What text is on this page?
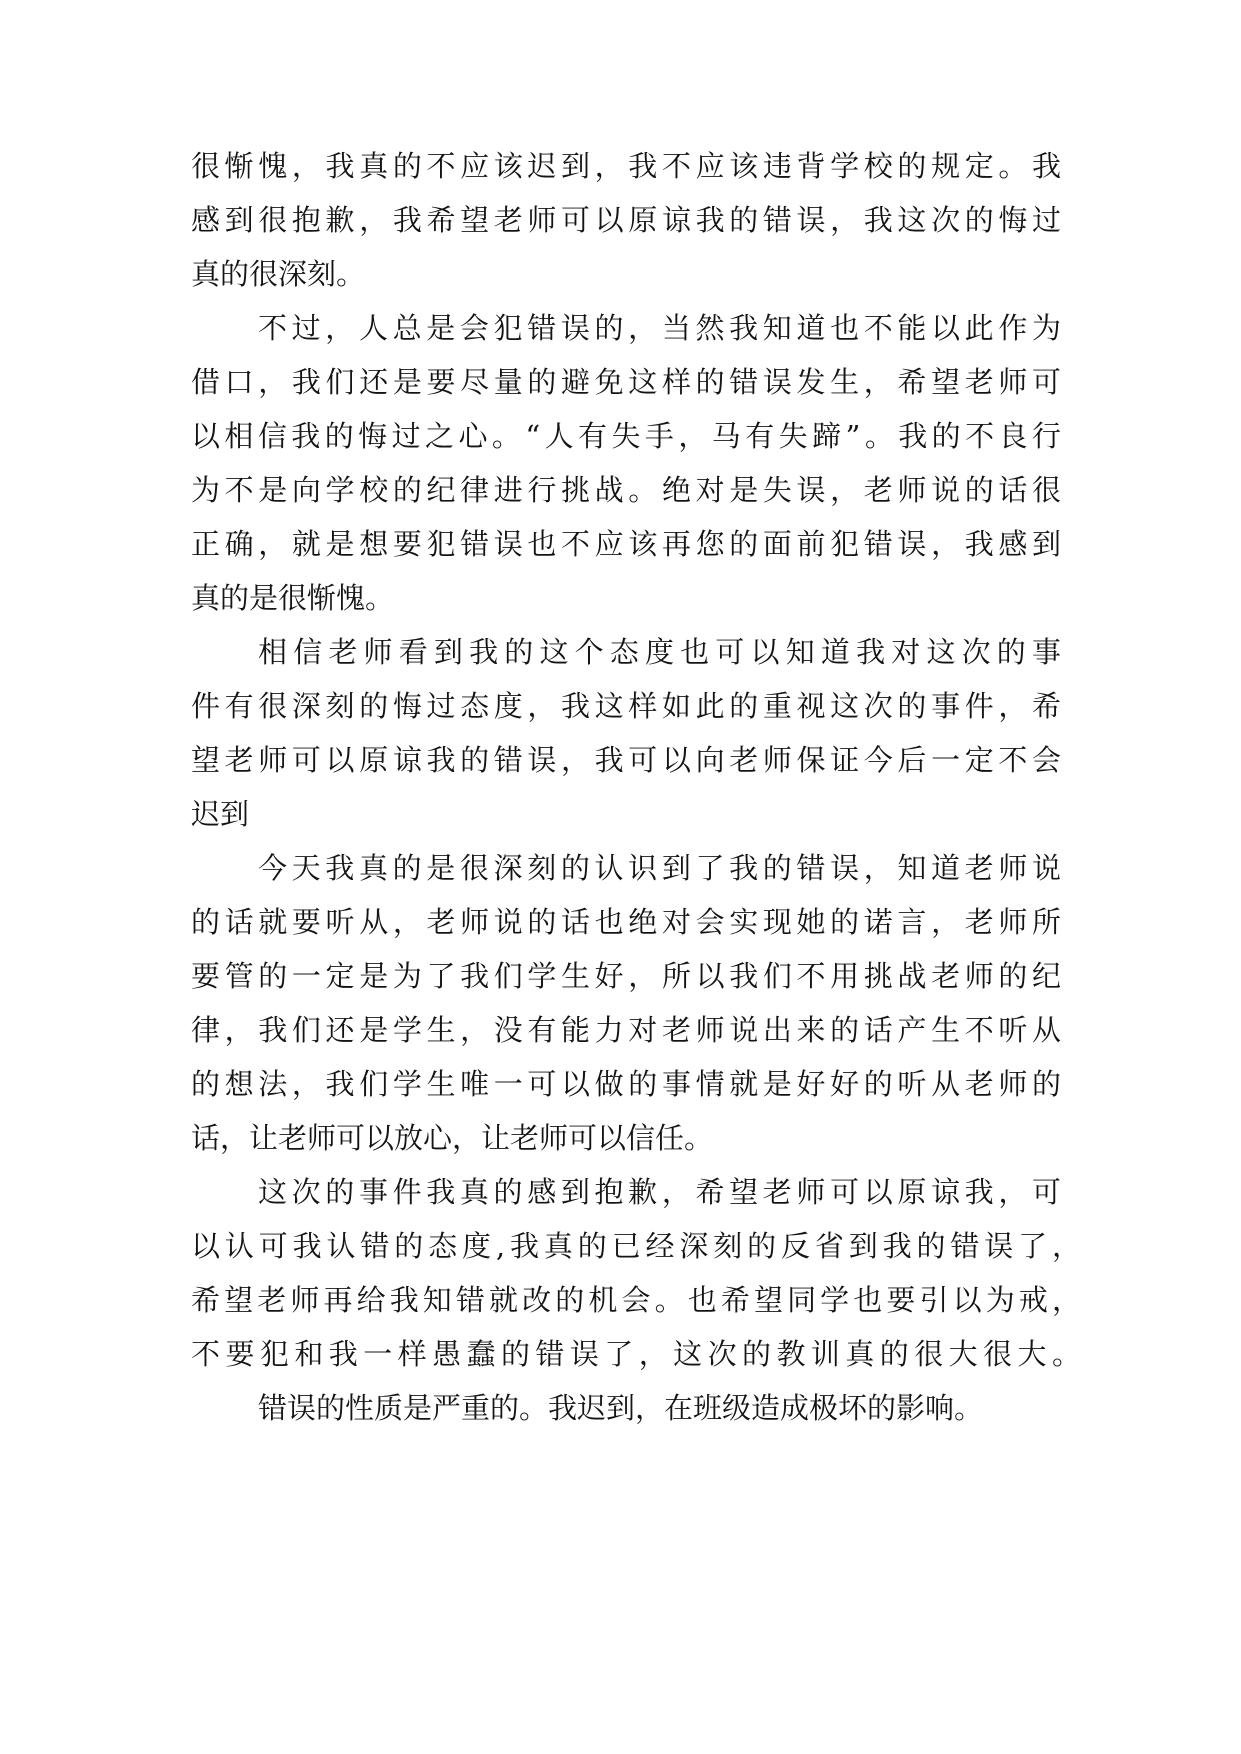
很惭愧，我真的不应该迟到，我不应该违背学校的规定。我
感到很抱歉，我希望老师可以原谅我的错误，我这次的悔过
真的很深刻。
不过，人总是会犯错误的，当然我知道也不能以此作为
借口，我们还是要尽量的避免这样的错误发生，希望老师可
以相信我的悔过之心。“人有失手，马有失蹄”。我的不良行
为不是向学校的纪律进行挑战。绝对是失误，老师说的话很
正确，就是想要犯错误也不应该再您的面前犯错误，我感到
真的是很惭愧。
相信老师看到我的这个态度也可以知道我对这次的事
件有很深刻的悔过态度，我这样如此的重视这次的事件，希
望老师可以原谅我的错误，我可以向老师保证今后一定不会
迟到
今天我真的是很深刻的认识到了我的错误，知道老师说
的话就要听从，老师说的话也绝对会实现她的诺言，老师所
要管的一定是为了我们学生好，所以我们不用挑战老师的纪
律，我们还是学生，没有能力对老师说出来的话产生不听从
的想法，我们学生唯一可以做的事情就是好好的听从老师的
话，让老师可以放心，让老师可以信任。
这次的事件我真的感到抱歉，希望老师可以原谅我，可
以认可我认错的态度,我真的已经深刻的反省到我的错误了，
希望老师再给我知错就改的机会。也希望同学也要引以为戒，
不要犯和我一样愚蠢的错误了，这次的教训真的很大很大。
错误的性质是严重的。我迟到，在班级造成极坏的影响。
